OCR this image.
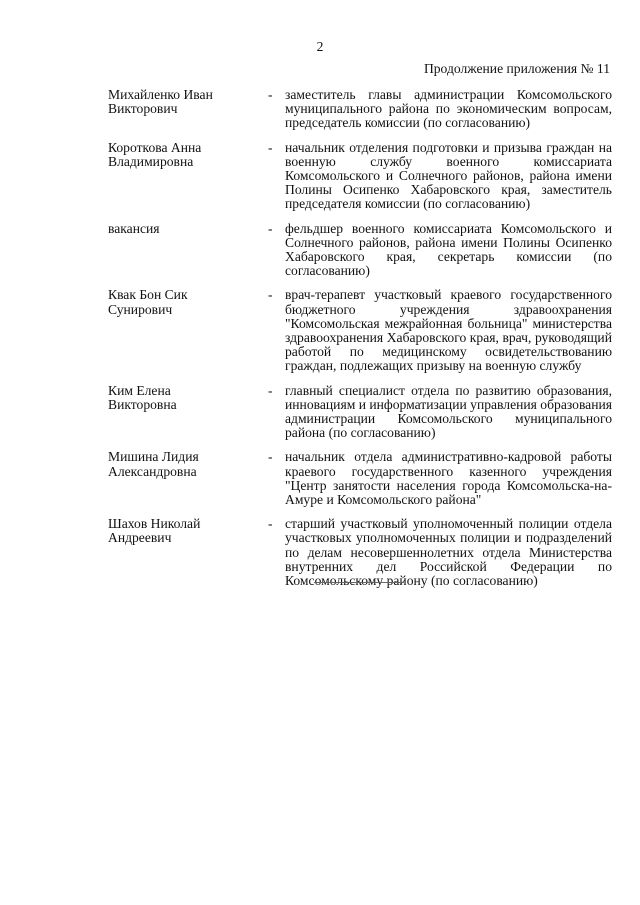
2
Продолжение приложения № 11
Михайленко Иван
Викторович
- заместитель главы администрации Комсомольского муниципального района по экономическим вопросам, председатель комиссии (по согласованию)
Короткова Анна
Владимировна
- начальник отделения подготовки и призыва граждан на военную службу военного комиссариата Комсомольского и Солнечного районов, района имени Полины Осипенко Хабаровского края, заместитель председателя комиссии (по согласованию)
вакансия	- фельдшер военного комиссариата Комсомольского и Солнечного районов, района имени Полины Осипенко Хабаровского края, секретарь комиссии (по согласованию)
Квак Бон Сик
Сунирович
- врач-терапевт участковый краевого государственного бюджетного учреждения здравоохранения "Комсомольская межрайонная больница" министерства здравоохранения Хабаровского края, врач, руководящий работой по медицинскому освидетельствованию граждан, подлежащих призыву на военную службу
Ким Елена
Викторовна
- главный специалист отдела по развитию образования, инновациям и информатизации управления образования администрации Комсомольского муниципального района (по согласованию)
Мишина Лидия
Александровна
- начальник отдела административно-кадровой работы краевого государственного казенного учреждения "Центр занятости населения города Комсомольска-на-Амуре и Комсомольского района"
Шахов Николай
Андреевич
- старший участковый уполномоченный полиции отдела участковых уполномоченных полиции и подразделений по делам несовершеннолетних отдела Министерства внутренних дел Российской Федерации по Комсомольскому району (по согласованию)
